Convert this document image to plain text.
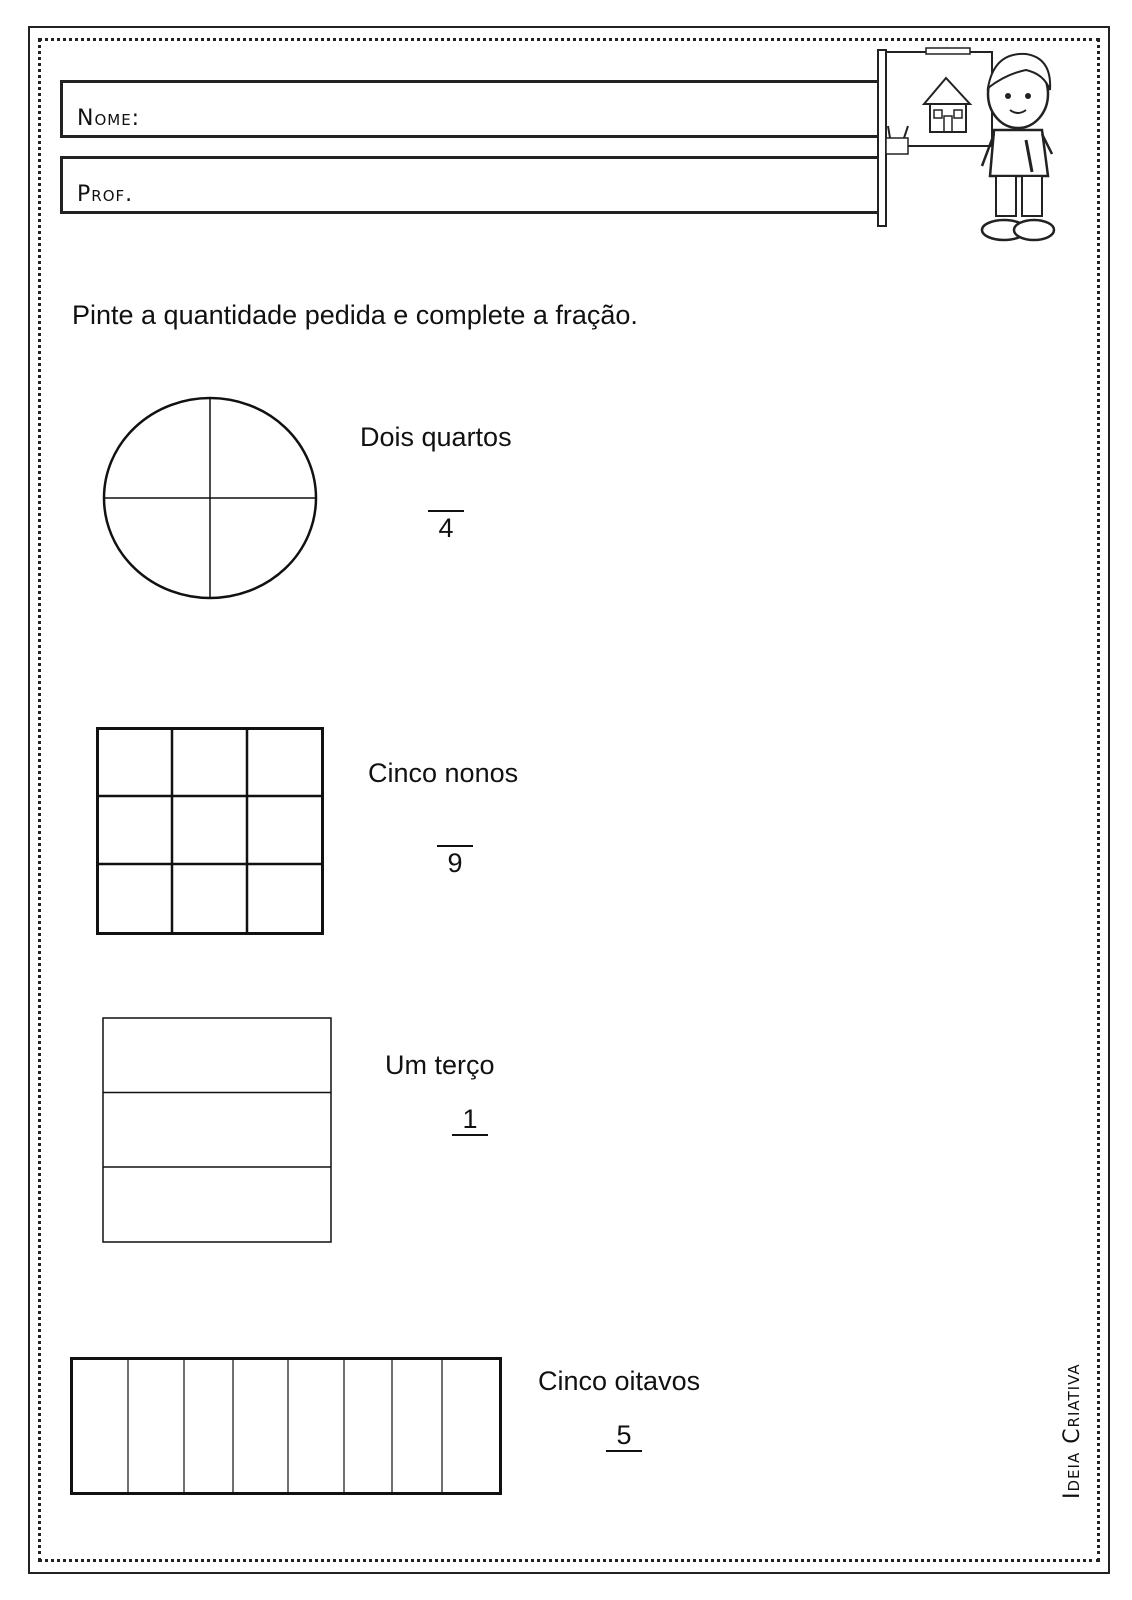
Nome:
Prof.
Pinte a quantidade pedida e complete a fração.
Dois quartos
4
Cinco nonos
9
Um terço
1
Cinco oitavos
5	Ideia Criativa
